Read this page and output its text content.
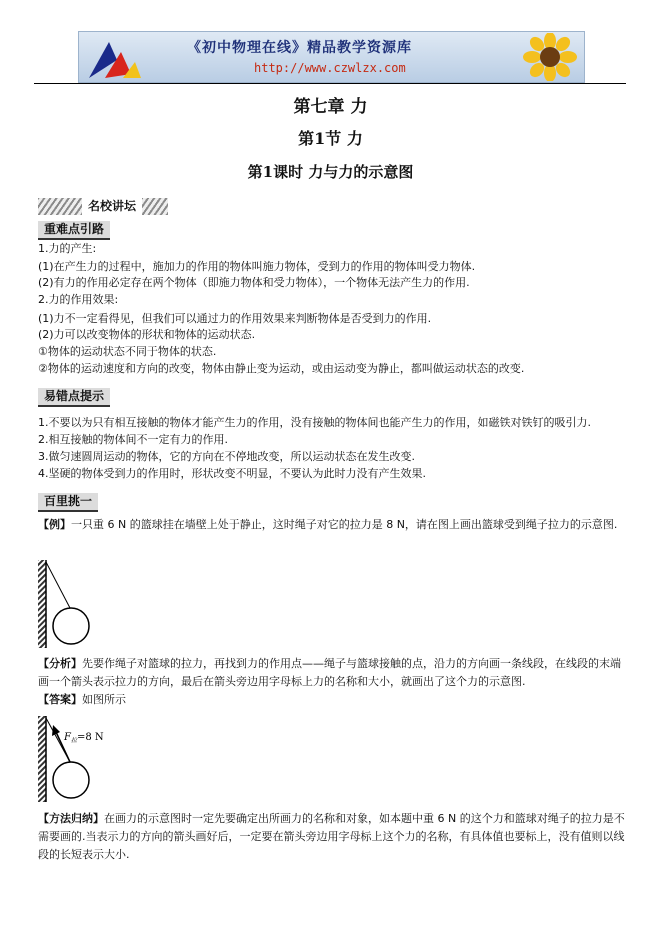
《初中物理在线》精品教学资源库
http://www.czwlzx.com
第七章 力
第1节 力
第1课时 力与力的示意图
名校讲坛
重难点引路
1.力的产生:
(1)在产生力的过程中，施加力的作用的物体叫施力物体，受到力的作用的物体叫受力物体.
(2)有力的作用必定存在两个物体（即施力物体和受力物体），一个物体无法产生力的作用.
2.力的作用效果:
(1)力不一定看得见，但我们可以通过力的作用效果来判断物体是否受到力的作用.
(2)力可以改变物体的形状和物体的运动状态.
①物体的运动状态不同于物体的状态.
②物体的运动速度和方向的改变，物体由静止变为运动，或由运动变为静止，都叫做运动状态的改变.
易错点提示
1.不要以为只有相互接触的物体才能产生力的作用，没有接触的物体间也能产生力的作用，如磁铁对铁钉的吸引力.
2.相互接触的物体间不一定有力的作用.
3.做匀速圆周运动的物体，它的方向在不停地改变，所以运动状态在发生改变.
4.坚硬的物体受到力的作用时，形状改变不明显，不要认为此时力没有产生效果.
百里挑一
【例】一只重 6 N 的篮球挂在墙壁上处于静止，这时绳子对它的拉力是 8 N，请在图上画出篮球受到绳子拉力的示意图.
【分析】先要作绳子对篮球的拉力，再找到力的作用点——绳子与篮球接触的点，沿力的方向画一条线段，在线段的末端画一个箭头表示拉力的方向，最后在箭头旁边用字母标上力的名称和大小，就画出了这个力的示意图.
【答案】如图所示
$F_拉=8$ N
【方法归纳】在画力的示意图时一定先要确定出所画力的名称和对象，如本题中重 6 N 的这个力和篮球对绳子的拉力是不需要画的.当表示力的方向的箭头画好后，一定要在箭头旁边用字母标上这个力的名称，有具体值也要标上，没有值则以线段的长短表示大小.
